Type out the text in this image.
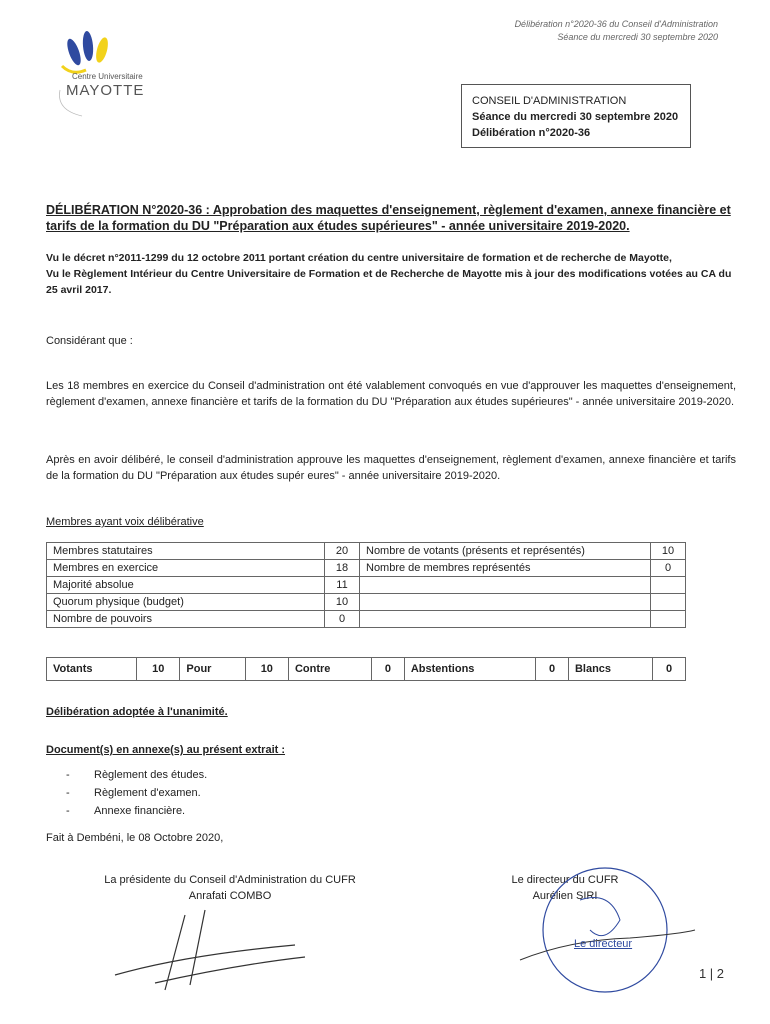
Délibération n°2020-36 du Conseil d'Administration
Séance du mercredi 30 septembre 2020
Centre Universitaire
MAYOTTE
CONSEIL D'ADMINISTRATION
Séance du mercredi 30 septembre 2020
Délibération n°2020-36
DÉLIBÉRATION N°2020-36 : Approbation des maquettes d'enseignement, règlement d'examen, annexe financière et tarifs de la formation du DU "Préparation aux études supérieures" - année universitaire 2019-2020.
Vu le décret n°2011-1299 du 12 octobre 2011 portant création du centre universitaire de formation et de recherche de Mayotte,
Vu le Règlement Intérieur du Centre Universitaire de Formation et de Recherche de Mayotte mis à jour des modifications votées au CA du 25 avril 2017.
Considérant que :
Les 18 membres en exercice du Conseil d'administration ont été valablement convoqués en vue d'approuver les maquettes d'enseignement, règlement d'examen, annexe financière et tarifs de la formation du DU "Préparation aux études supérieures" - année universitaire 2019-2020.
Après en avoir délibéré, le conseil d'administration approuve les maquettes d'enseignement, règlement d'examen, annexe financière et tarifs de la formation du DU "Préparation aux études supér eures" - année universitaire 2019-2020.
Membres ayant voix délibérative
Membres statutaires	20	Nombre de votants (présents et représentés)	10
Membres en exercice	18	Nombre de membres représentés	0
Majorité absolue	11		
Quorum physique (budget)	10		
Nombre de pouvoirs	0		
Votants	10	Pour	10	Contre	0	Abstentions	0	Blancs	0
Délibération adoptée à l'unanimité.
Document(s) en annexe(s) au présent extrait :
- Règlement des études.
- Règlement d'examen.
- Annexe financière.
Fait à Dembéni, le 08 Octobre 2020,
La présidente du Conseil d'Administration du CUFR
Anrafati COMBO
Le directeur du CUFR
Aurélien SIRI
Le directeur
1 | 2
